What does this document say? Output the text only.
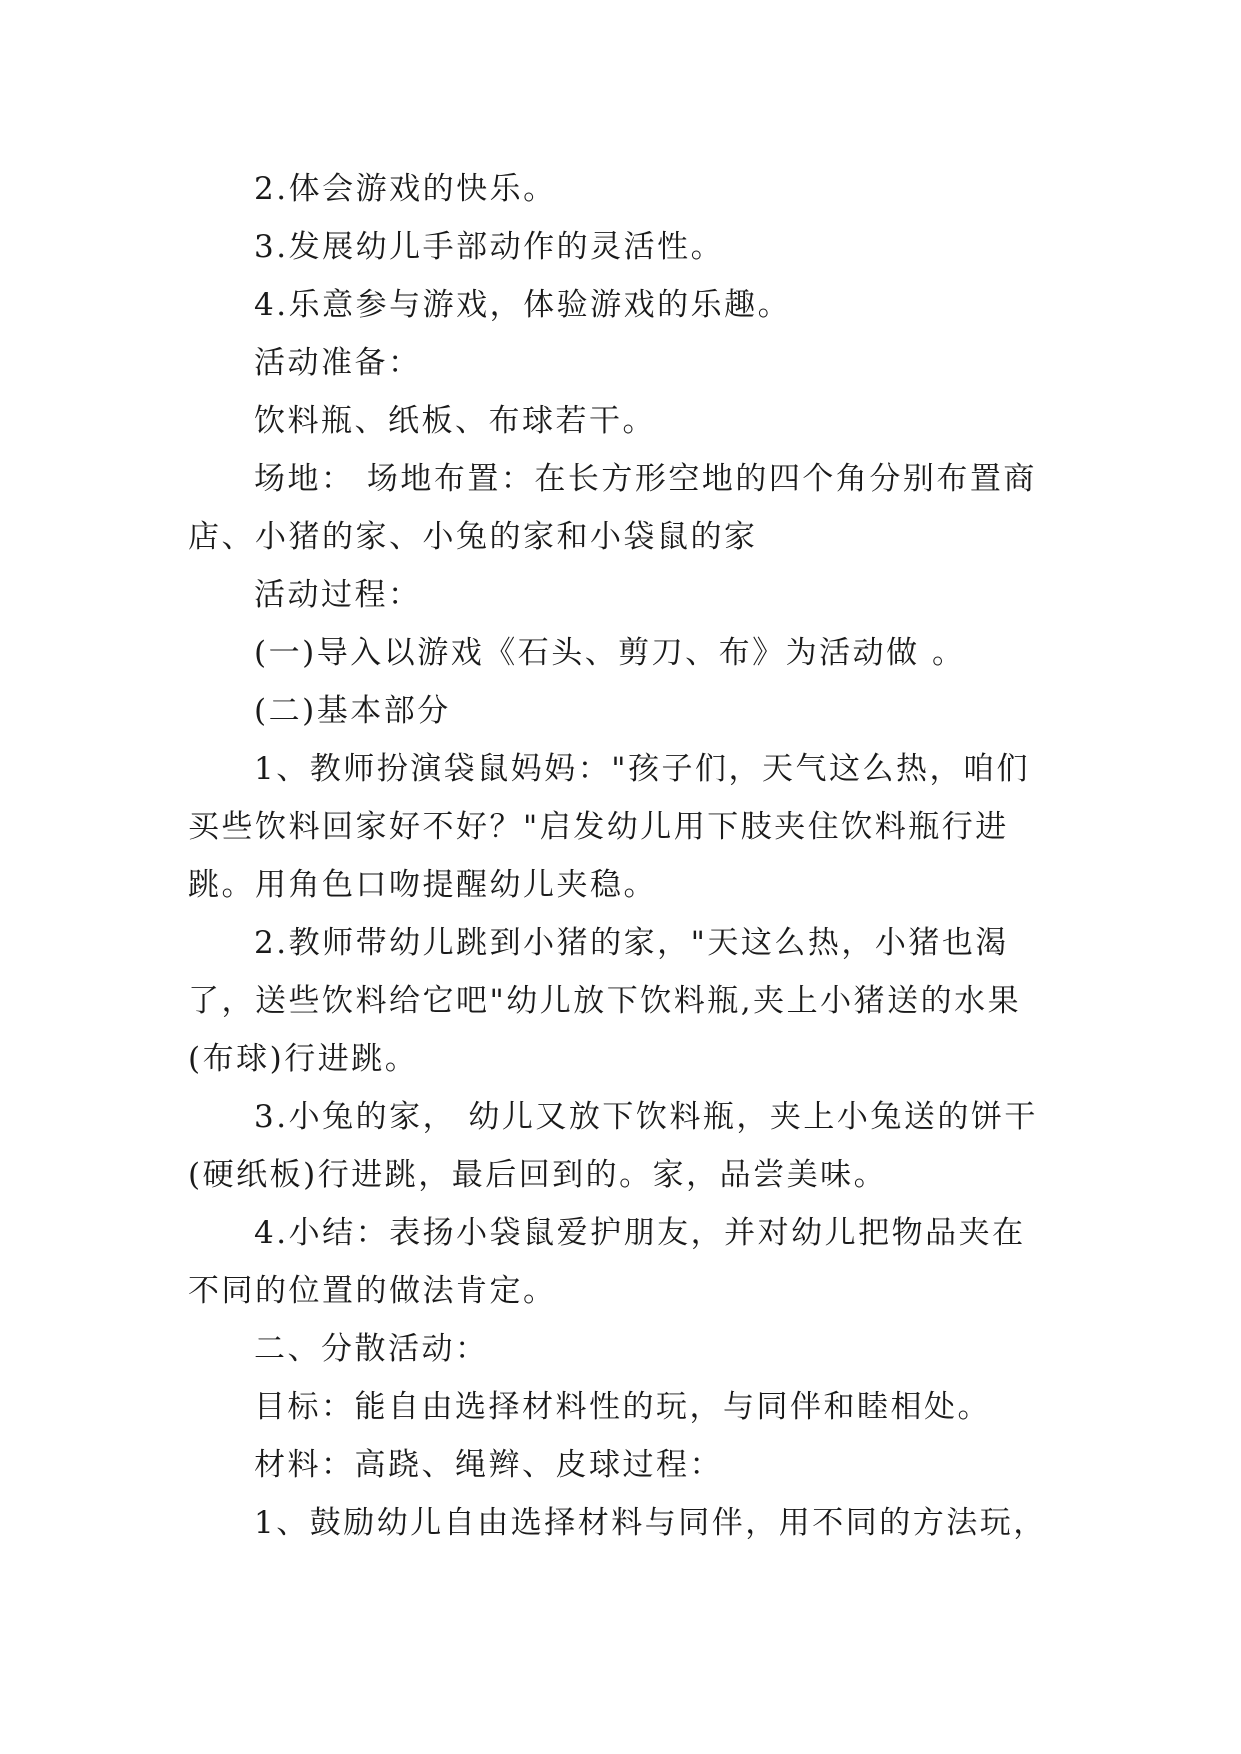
2.体会游戏的快乐。

3.发展幼儿手部动作的灵活性。

4.乐意参与游戏，体验游戏的乐趣。

活动准备：

饮料瓶、纸板、布球若干。

场地： 场地布置：在长方形空地的四个角分别布置商店、小猪的家、小兔的家和小袋鼠的家

活动过程：

(一)导入以游戏《石头、剪刀、布》为活动做 。

(二)基本部分

1、教师扮演袋鼠妈妈："孩子们，天气这么热，咱们买些饮料回家好不好？"启发幼儿用下肢夹住饮料瓶行进跳。用角色口吻提醒幼儿夹稳。

2.教师带幼儿跳到小猪的家，"天这么热，小猪也渴了，送些饮料给它吧"幼儿放下饮料瓶,夹上小猪送的水果(布球)行进跳。

3.小兔的家， 幼儿又放下饮料瓶，夹上小兔送的饼干(硬纸板)行进跳，最后回到的。家，品尝美味。

4.小结：表扬小袋鼠爱护朋友，并对幼儿把物品夹在不同的位置的做法肯定。

二、分散活动：

目标：能自由选择材料性的玩，与同伴和睦相处。

材料：高跷、绳辫、皮球过程：

1、鼓励幼儿自由选择材料与同伴，用不同的方法玩，
